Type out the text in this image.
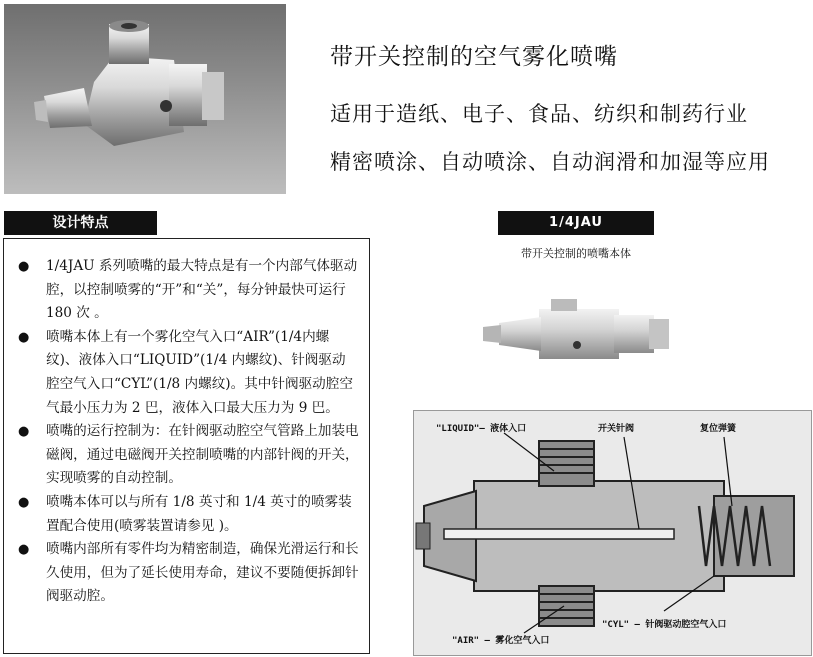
带开关控制的空气雾化喷嘴
适用于造纸、电子、食品、纺织和制药行业
精密喷涂、自动喷涂、自动润滑和加湿等应用
设计特点	1/4JAU
带开关控制的喷嘴本体
● 1/4JAU 系列喷嘴的最大特点是有一个内部气体驱动腔，以控制喷雾的“开”和“关”，每分钟最快可运行 180 次 。
● 喷嘴本体上有一个雾化空气入口“AIR”(1/4内螺纹)、液体入口“LIQUID”(1/4 内螺纹)、针阀驱动腔空气入口“CYL”(1/8 内螺纹)。其中针阀驱动腔空气最小压力为 2 巴，液体入口最大压力为 9 巴。
● 喷嘴的运行控制为：在针阀驱动腔空气管路上加装电磁阀，通过电磁阀开关控制喷嘴的内部针阀的开关，实现喷雾的自动控制。
● 喷嘴本体可以与所有 1/8 英寸和 1/4 英寸的喷雾装置配合使用(喷雾装置请参见 )。
● 喷嘴内部所有零件均为精密制造，确保光滑运行和长久使用，但为了延长使用寿命，建议不要随便拆卸针阀驱动腔。
"LIQUID"— 液体入口	开关针阀	复位弹簧
"AIR" — 雾化空气入口
"CYL" — 针阀驱动腔空气入口
